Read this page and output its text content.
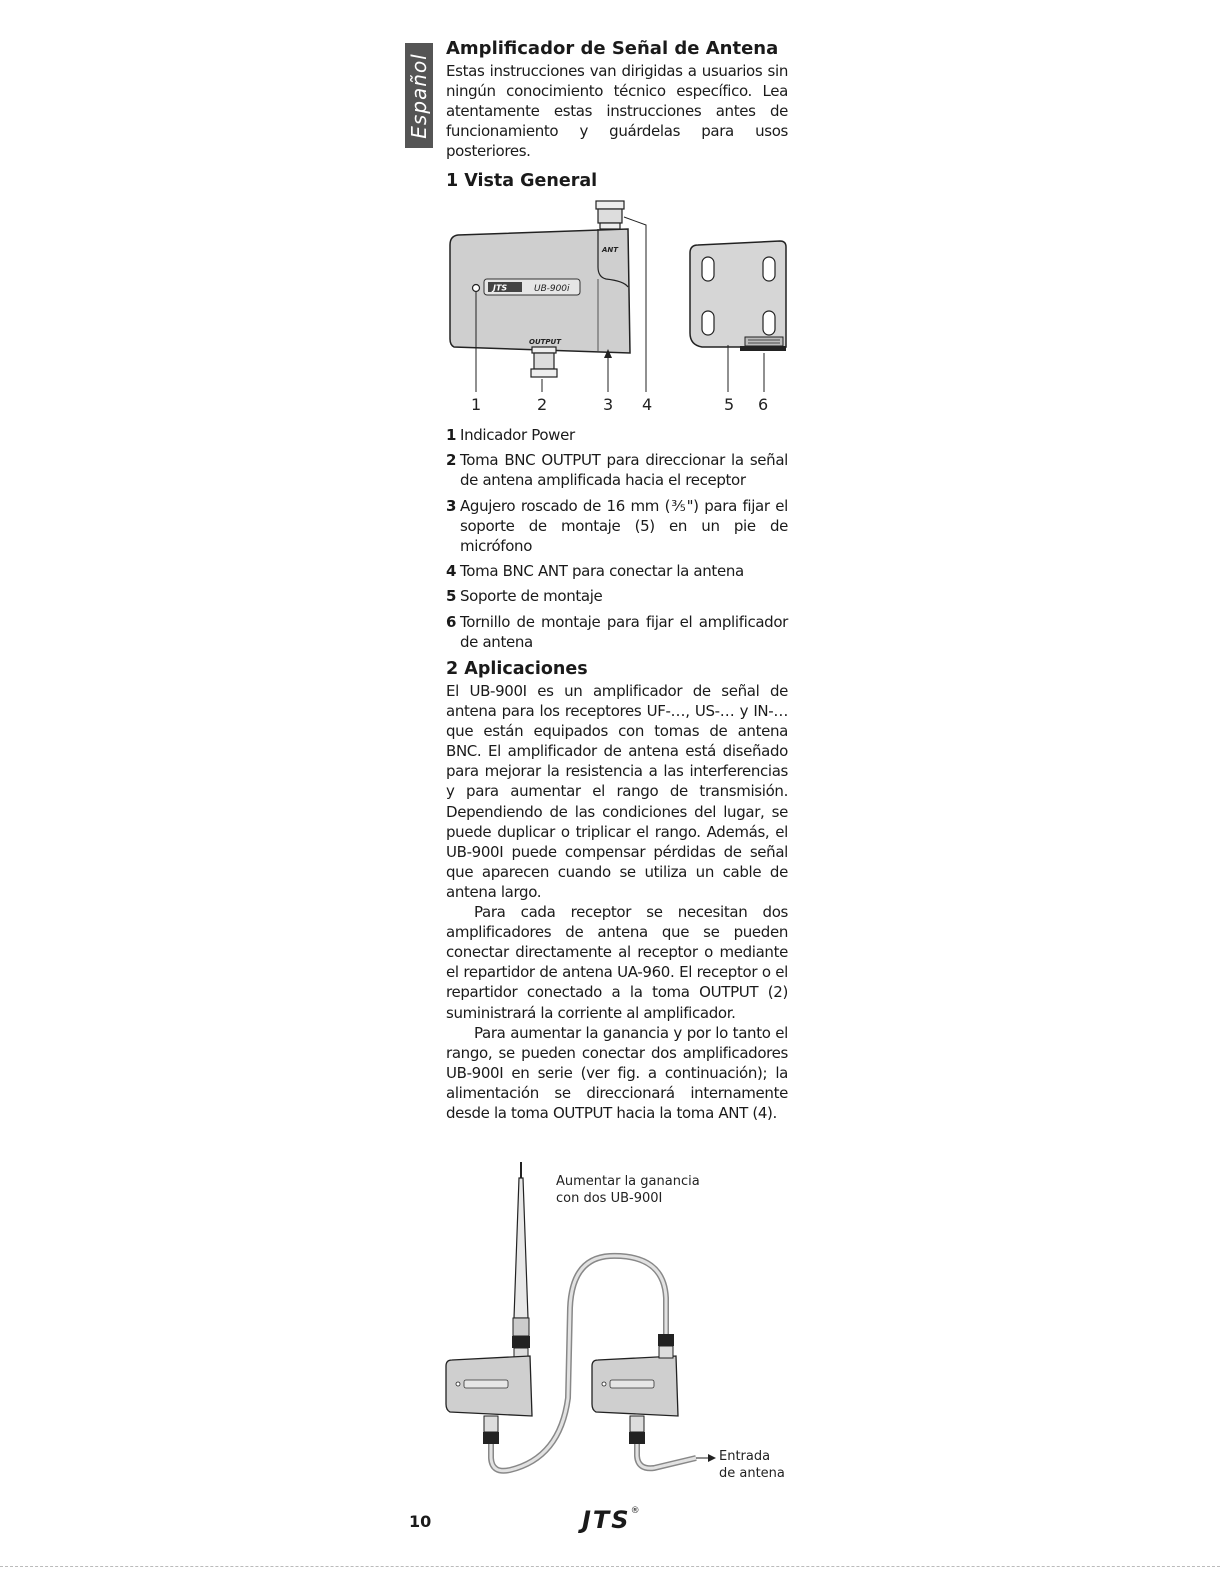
Español
Amplificador de Señal de Antena

Estas instrucciones van dirigidas a usuarios sin ningún conocimiento técnico específico. Lea atentamente estas instrucciones antes de funcionamiento y guárdelas para usos posteriores.

1 Vista General
ANT
JTS	UB-900i
OUTPUT
1	2	3 4	5 6
1 Indicador Power
2 Toma BNC OUTPUT para direccionar la señal de antena amplificada hacia el receptor
3 Agujero roscado de 16 mm (⅗") para fijar el soporte de montaje (5) en un pie de micrófono
4 Toma BNC ANT para conectar la antena
5 Soporte de montaje
6 Tornillo de montaje para fijar el amplificador de antena
2 Aplicaciones

El UB-900I es un amplificador de señal de antena para los receptores UF-…, US-… y IN-… que están equipados con tomas de antena BNC. El amplificador de antena está diseñado para mejorar la resistencia a las interferencias y para aumentar el rango de transmisión. Dependiendo de las condiciones del lugar, se puede duplicar o triplicar el rango. Además, el UB-900I puede compensar pérdidas de señal que aparecen cuando se utiliza un cable de antena largo.

Para cada receptor se necesitan dos amplificadores de antena que se pueden conectar directamente al receptor o mediante el repartidor de antena UA-960. El receptor o el repartidor conectado a la toma OUTPUT (2) suministrará la corriente al amplificador.

Para aumentar la ganancia y por lo tanto el rango, se pueden conectar dos amplificadores UB-900I en serie (ver fig. a continuación); la alimentación se direccionará internamente desde la toma OUTPUT hacia la toma ANT (4).

Aumentar la ganancia
con dos UB-900I
Entrada
de antena
10	JTS®
